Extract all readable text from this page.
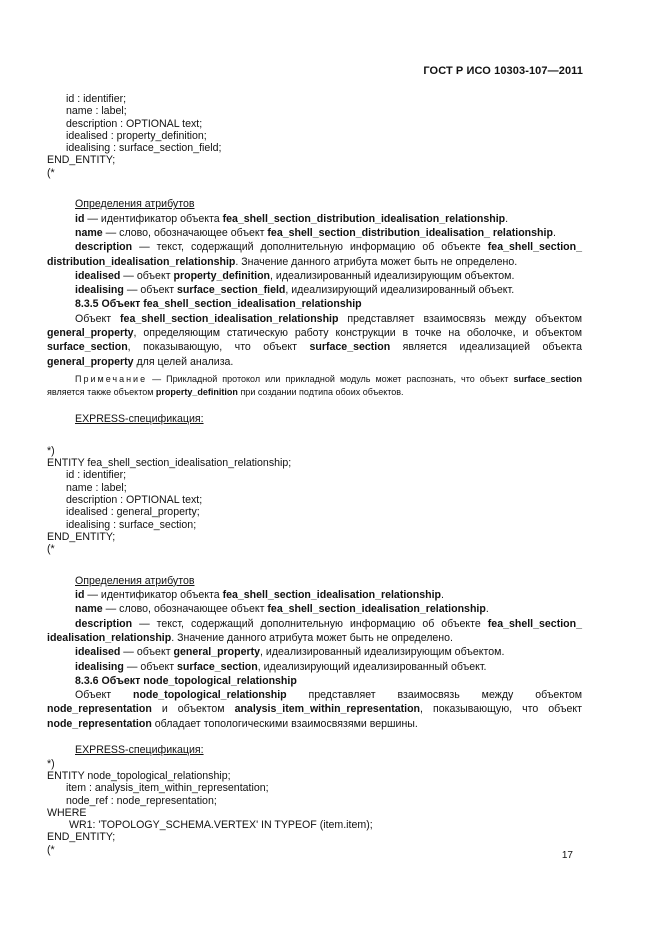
ГОСТ Р ИСО 10303-107—2011
id : identifier;
name : label;
description : OPTIONAL text;
idealised : property_definition;
idealising : surface_section_field;
END_ENTITY;
(*
Определения атрибутов
id — идентификатор объекта fea_shell_section_distribution_idealisation_relationship.
name — слово, обозначающее объект fea_shell_section_distribution_idealisation_ relationship.
description — текст, содержащий дополнительную информацию об объекте fea_shell_section_ distribution_idealisation_relationship. Значение данного атрибута может быть не определено.
idealised — объект property_definition, идеализированный идеализирующим объектом.
idealising — объект surface_section_field, идеализирующий идеализированный объект.
8.3.5 Объект fea_shell_section_idealisation_relationship
Объект fea_shell_section_idealisation_relationship представляет взаимосвязь между объектом general_property, определяющим статическую работу конструкции в точке на оболочке, и объектом surface_section, показывающую, что объект surface_section является идеализацией объекта general_property для целей анализа.
Примечание — Прикладной протокол или прикладной модуль может распознать, что объект surface_section является также объектом property_definition при создании подтипа обоих объектов.
EXPRESS-спецификация:
*)
ENTITY fea_shell_section_idealisation_relationship;
id : identifier;
name : label;
description : OPTIONAL text;
idealised : general_property;
idealising : surface_section;
END_ENTITY;
(*
Определения атрибутов
id — идентификатор объекта fea_shell_section_idealisation_relationship.
name — слово, обозначающее объект fea_shell_section_idealisation_relationship.
description — текст, содержащий дополнительную информацию об объекте fea_shell_section_ idealisation_relationship. Значение данного атрибута может быть не определено.
idealised — объект general_property, идеализированный идеализирующим объектом.
idealising — объект surface_section, идеализирующий идеализированный объект.
8.3.6 Объект node_topological_relationship
Объект node_topological_relationship представляет взаимосвязь между объектом node_representation и объектом analysis_item_within_representation, показывающую, что объект node_representation обладает топологическими взаимосвязями вершины.
EXPRESS-спецификация:
*)
ENTITY node_topological_relationship;
item : analysis_item_within_representation;
node_ref : node_representation;
WHERE
WR1: 'TOPOLOGY_SCHEMA.VERTEX' IN TYPEOF (item.item);
END_ENTITY;
(*	17
